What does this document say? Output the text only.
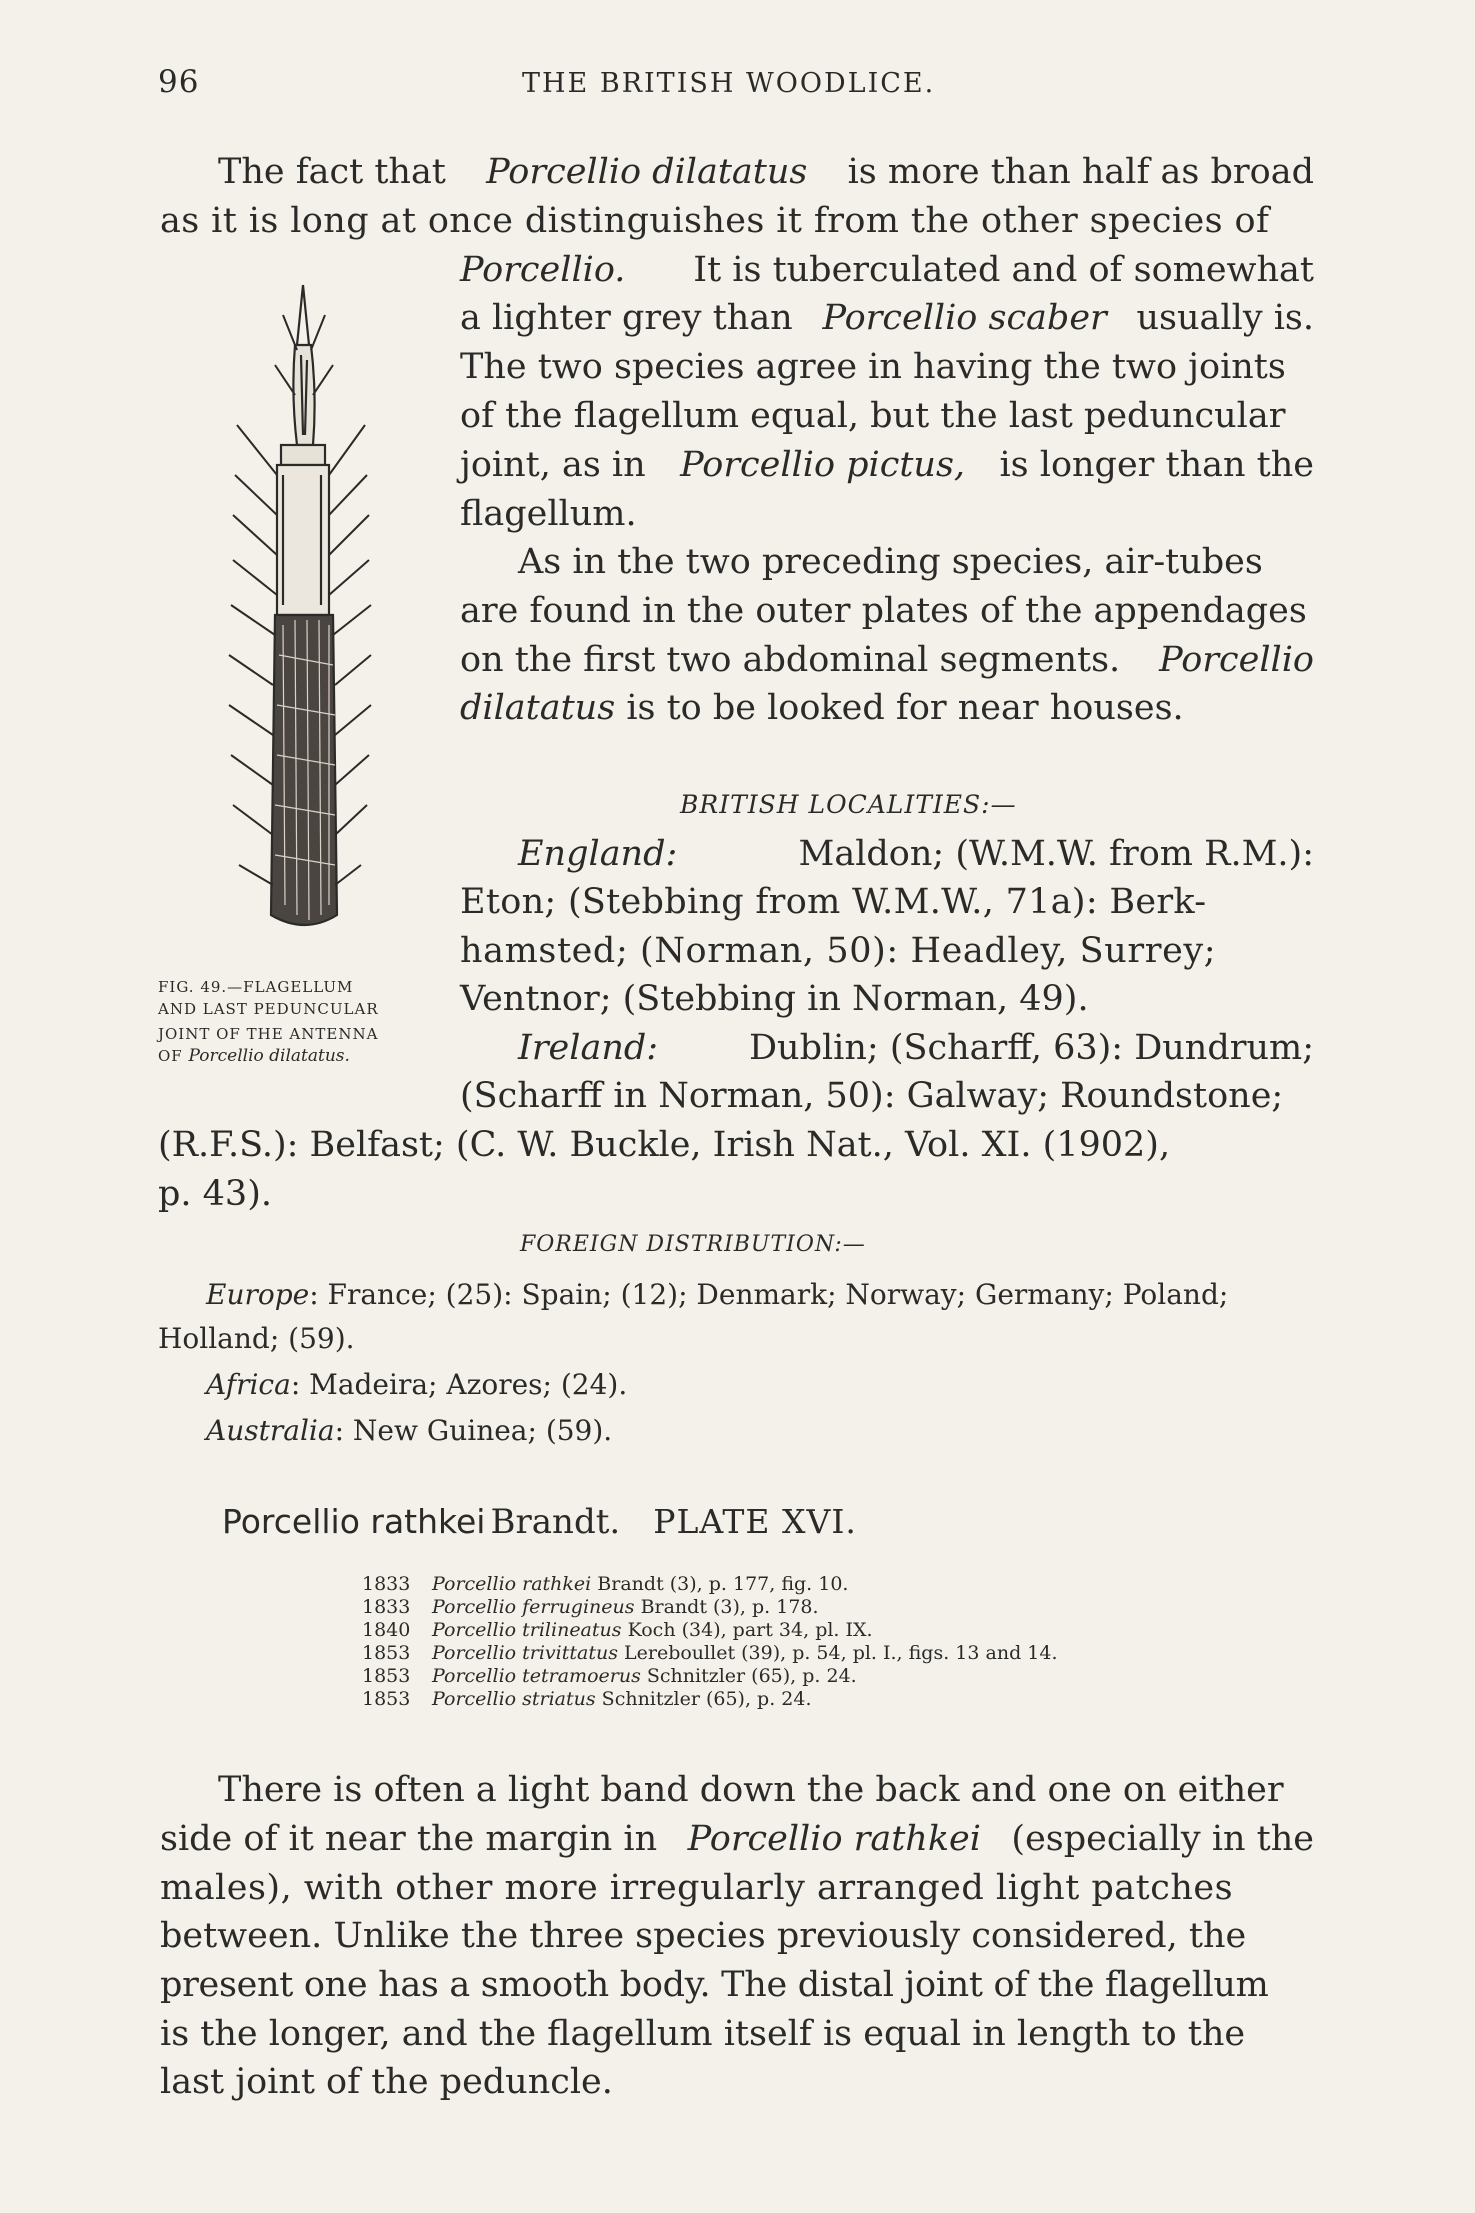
96	THE BRITISH WOODLICE.
The fact that Porcellio dilatatus is more than half as broad
as it is long at once distinguishes it from the other species of
Porcellio. It is tuberculated and of somewhat
a lighter grey than Porcellio scaber usually is.
The two species agree in having the two joints
of the flagellum equal, but the last peduncular
joint, as in Porcellio pictus, is longer than the
flagellum.
As in the two preceding species, air-tubes
are found in the outer plates of the appendages
on the first two abdominal segments. Porcellio
dilatatus is to be looked for near houses.
FIG. 49.—FLAGELLUM
AND LAST PEDUNCULAR
JOINT OF THE ANTENNA
OF Porcellio dilatatus.
BRITISH LOCALITIES:—
England:	Maldon; (W.M.W. from R.M.):
Eton; (Stebbing from W.M.W., 71a): Berk-
hamsted; (Norman, 50): Headley, Surrey;
Ventnor; (Stebbing in Norman, 49).
Ireland:	Dublin; (Scharff, 63): Dundrum;
(Scharff in Norman, 50): Galway; Roundstone;
(R.F.S.): Belfast; (C. W. Buckle, Irish Nat., Vol. XI. (1902),
p. 43).
FOREIGN DISTRIBUTION:—
Europe: France; (25): Spain; (12); Denmark; Norway; Germany; Poland;
Holland; (59).
Africa: Madeira; Azores; (24).
Australia: New Guinea; (59).
Porcellio rathkei Brandt. PLATE XVI.
1833 Porcellio rathkei Brandt (3), p. 177, fig. 10.
1833 Porcellio ferrugineus Brandt (3), p. 178.
1840 Porcellio trilineatus Koch (34), part 34, pl. IX.
1853 Porcellio trivittatus Lereboullet (39), p. 54, pl. I., figs. 13 and 14.
1853 Porcellio tetramoerus Schnitzler (65), p. 24.
1853 Porcellio striatus Schnitzler (65), p. 24.
There is often a light band down the back and one on either
side of it near the margin in Porcellio rathkei (especially in the
males), with other more irregularly arranged light patches
between. Unlike the three species previously considered, the
present one has a smooth body. The distal joint of the flagellum
is the longer, and the flagellum itself is equal in length to the
last joint of the peduncle.
